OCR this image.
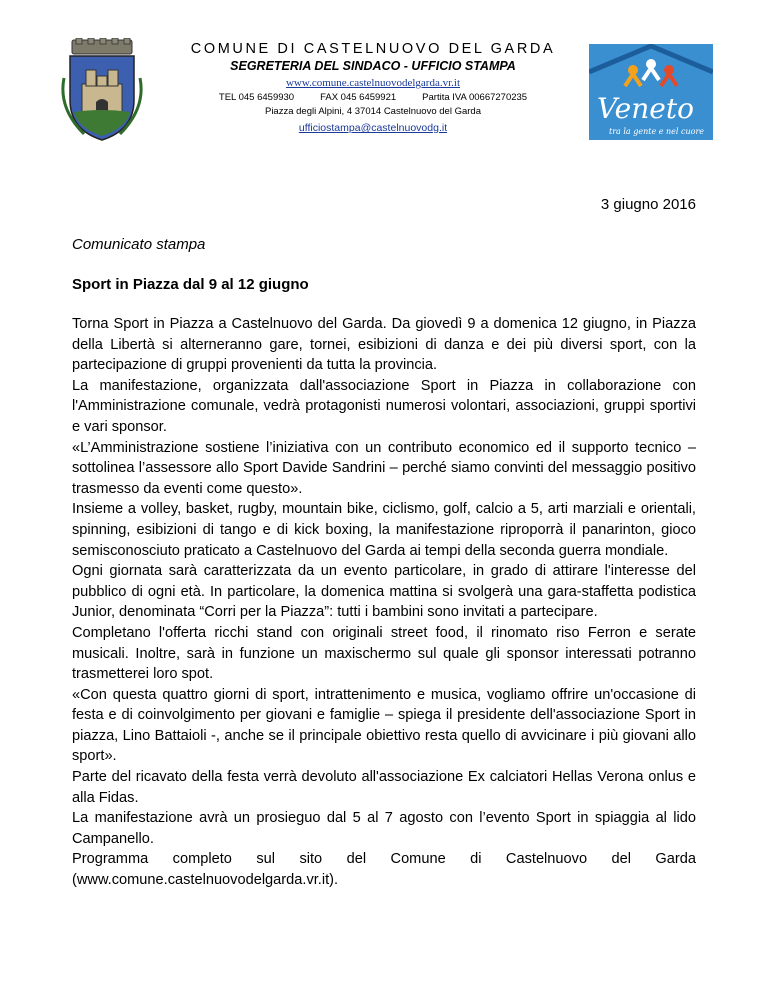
COMUNE DI CASTELNUOVO DEL GARDA
SEGRETERIA DEL SINDACO - UFFICIO STAMPA
www.comune.castelnuovodelgarda.vr.it
TEL 045 6459930	FAX 045 6459921	Partita IVA 00667270235
Piazza degli Alpini, 4 37014 Castelnuovo del Garda
ufficiostampa@castelnuovodg.it
Veneto
tra la gente e nel cuore
3 giugno 2016
Comunicato stampa
Sport in Piazza dal 9 al 12 giugno

Torna Sport in Piazza a Castelnuovo del Garda. Da giovedì 9 a domenica 12 giugno, in Piazza della Libertà si alterneranno gare, tornei, esibizioni di danza e dei più diversi sport, con la partecipazione di gruppi provenienti da tutta la provincia.

La manifestazione, organizzata dall'associazione Sport in Piazza in collaborazione con l'Amministrazione comunale, vedrà protagonisti numerosi volontari, associazioni, gruppi sportivi e vari sponsor.

«L’Amministrazione sostiene l’iniziativa con un contributo economico ed il supporto tecnico – sottolinea l’assessore allo Sport Davide Sandrini – perché siamo convinti del messaggio positivo trasmesso da eventi come questo».

Insieme a volley, basket, rugby, mountain bike, ciclismo, golf, calcio a 5, arti marziali e orientali, spinning, esibizioni di tango e di kick boxing, la manifestazione riproporrà il panarinton, gioco semisconosciuto praticato a Castelnuovo del Garda ai tempi della seconda guerra mondiale.

Ogni giornata sarà caratterizzata da un evento particolare, in grado di attirare l'interesse del pubblico di ogni età. In particolare, la domenica mattina si svolgerà una gara-staffetta podistica Junior, denominata “Corri per la Piazza”: tutti i bambini sono invitati a partecipare.

Completano l'offerta ricchi stand con originali street food, il rinomato riso Ferron e serate musicali. Inoltre, sarà in funzione un maxischermo sul quale gli sponsor interessati potranno trasmetterei loro spot.

«Con questa quattro giorni di sport, intrattenimento e musica, vogliamo offrire un'occasione di festa e di coinvolgimento per giovani e famiglie – spiega il presidente dell'associazione Sport in piazza, Lino Battaioli -, anche se il principale obiettivo resta quello di avvicinare i più giovani allo sport».

Parte del ricavato della festa verrà devoluto all'associazione Ex calciatori Hellas Verona onlus e alla Fidas.

La manifestazione avrà un prosieguo dal 5 al 7 agosto con l’evento Sport in spiaggia al lido Campanello.

Programma completo sul sito del Comune di Castelnuovo del Garda (www.comune.castelnuovodelgarda.vr.it).
